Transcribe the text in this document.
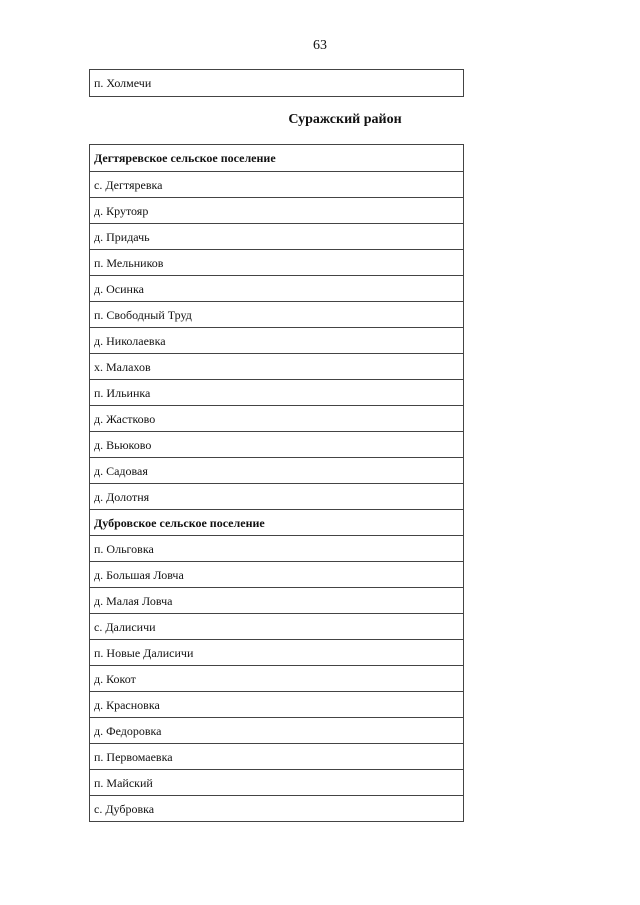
63
п. Холмечи
Суражский район
Дегтяревское сельское поселение
с. Дегтяревка
д. Крутояр
д. Придачь
п. Мельников
д. Осинка
п. Свободный Труд
д. Николаевка
х. Малахов
п. Ильинка
д. Жастково
д. Вьюково
д. Садовая
д. Долотня
Дубровское сельское поселение
п. Ольговка
д. Большая Ловча
д. Малая Ловча
с. Далисичи
п. Новые Далисичи
д. Кокот
д. Красновка
д. Федоровка
п. Первомаевка
п. Майский
с. Дубровка
